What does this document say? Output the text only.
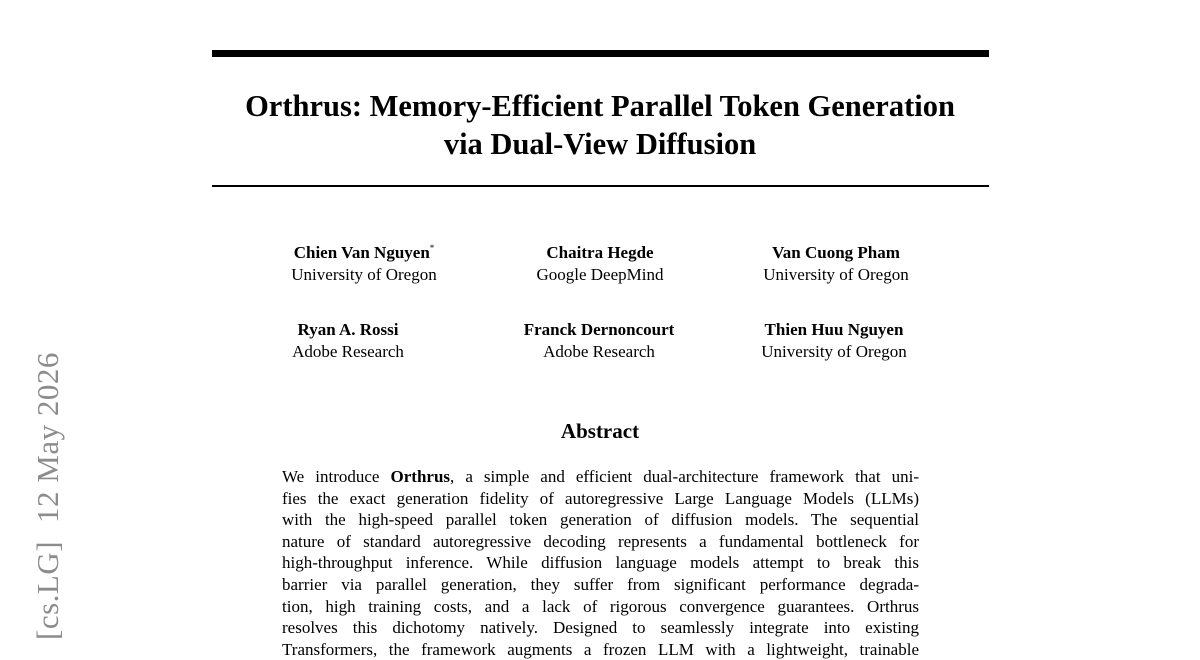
Orthrus: Memory-Efficient Parallel Token Generation
via Dual-View Diffusion
Chien Van Nguyen*
University of Oregon
Chaitra Hegde
Google DeepMind
Van Cuong Pham
University of Oregon
Ryan A. Rossi
Adobe Research
Franck Dernoncourt
Adobe Research
Thien Huu Nguyen
University of Oregon
Abstract
We introduce Orthrus, a simple and efficient dual-architecture framework that uni-
fies the exact generation fidelity of autoregressive Large Language Models (LLMs)
with the high-speed parallel token generation of diffusion models. The sequential
nature of standard autoregressive decoding represents a fundamental bottleneck for
high-throughput inference. While diffusion language models attempt to break this
barrier via parallel generation, they suffer from significant performance degrada-
tion, high training costs, and a lack of rigorous convergence guarantees. Orthrus
resolves this dichotomy natively. Designed to seamlessly integrate into existing
Transformers, the framework augments a frozen LLM with a lightweight, trainable
[cs.LG]12 May 2026
